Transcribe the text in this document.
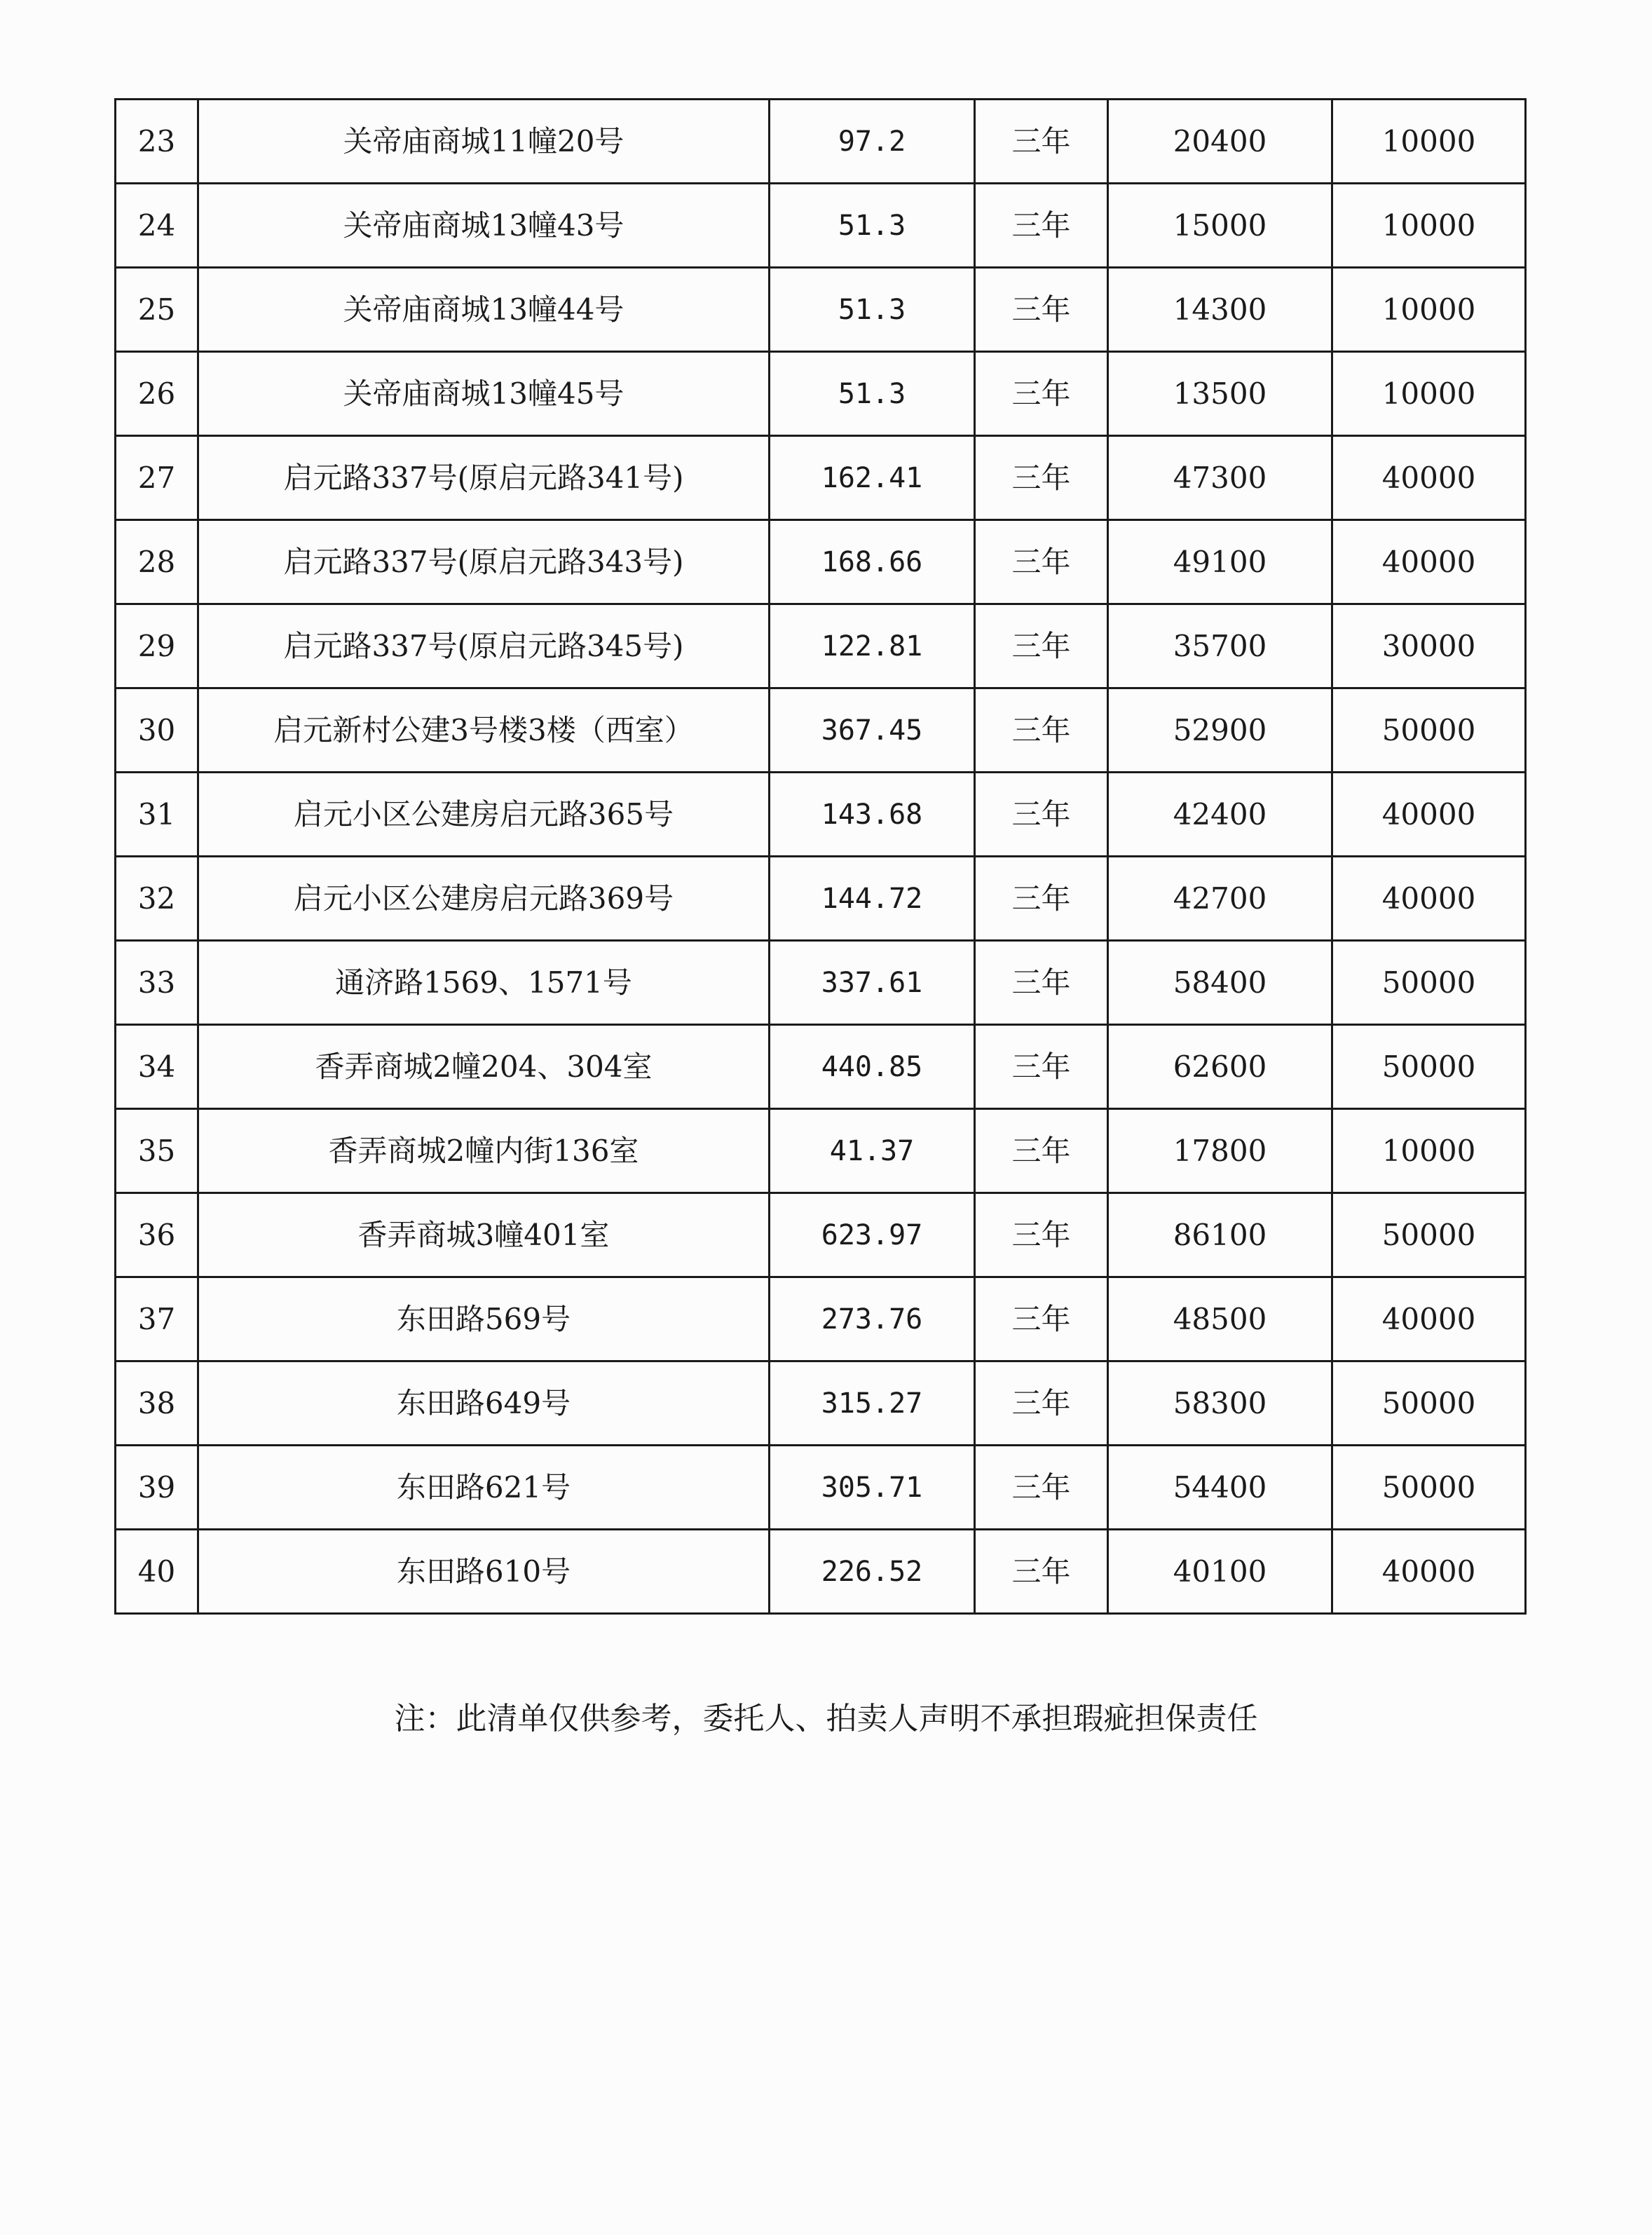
23	关帝庙商城11幢20号	97.2	三年	20400	10000
24	关帝庙商城13幢43号	51.3	三年	15000	10000
25	关帝庙商城13幢44号	51.3	三年	14300	10000
26	关帝庙商城13幢45号	51.3	三年	13500	10000
27	启元路337号(原启元路341号)	162.41	三年	47300	40000
28	启元路337号(原启元路343号)	168.66	三年	49100	40000
29	启元路337号(原启元路345号)	122.81	三年	35700	30000
30	启元新村公建3号楼3楼（西室）	367.45	三年	52900	50000
31	启元小区公建房启元路365号	143.68	三年	42400	40000
32	启元小区公建房启元路369号	144.72	三年	42700	40000
33	通济路1569、1571号	337.61	三年	58400	50000
34	香弄商城2幢204、304室	440.85	三年	62600	50000
35	香弄商城2幢内街136室	41.37	三年	17800	10000
36	香弄商城3幢401室	623.97	三年	86100	50000
37	东田路569号	273.76	三年	48500	40000
38	东田路649号	315.27	三年	58300	50000
39	东田路621号	305.71	三年	54400	50000
40	东田路610号	226.52	三年	40100	40000
注：此清单仅供参考，委托人、拍卖人声明不承担瑕疵担保责任
